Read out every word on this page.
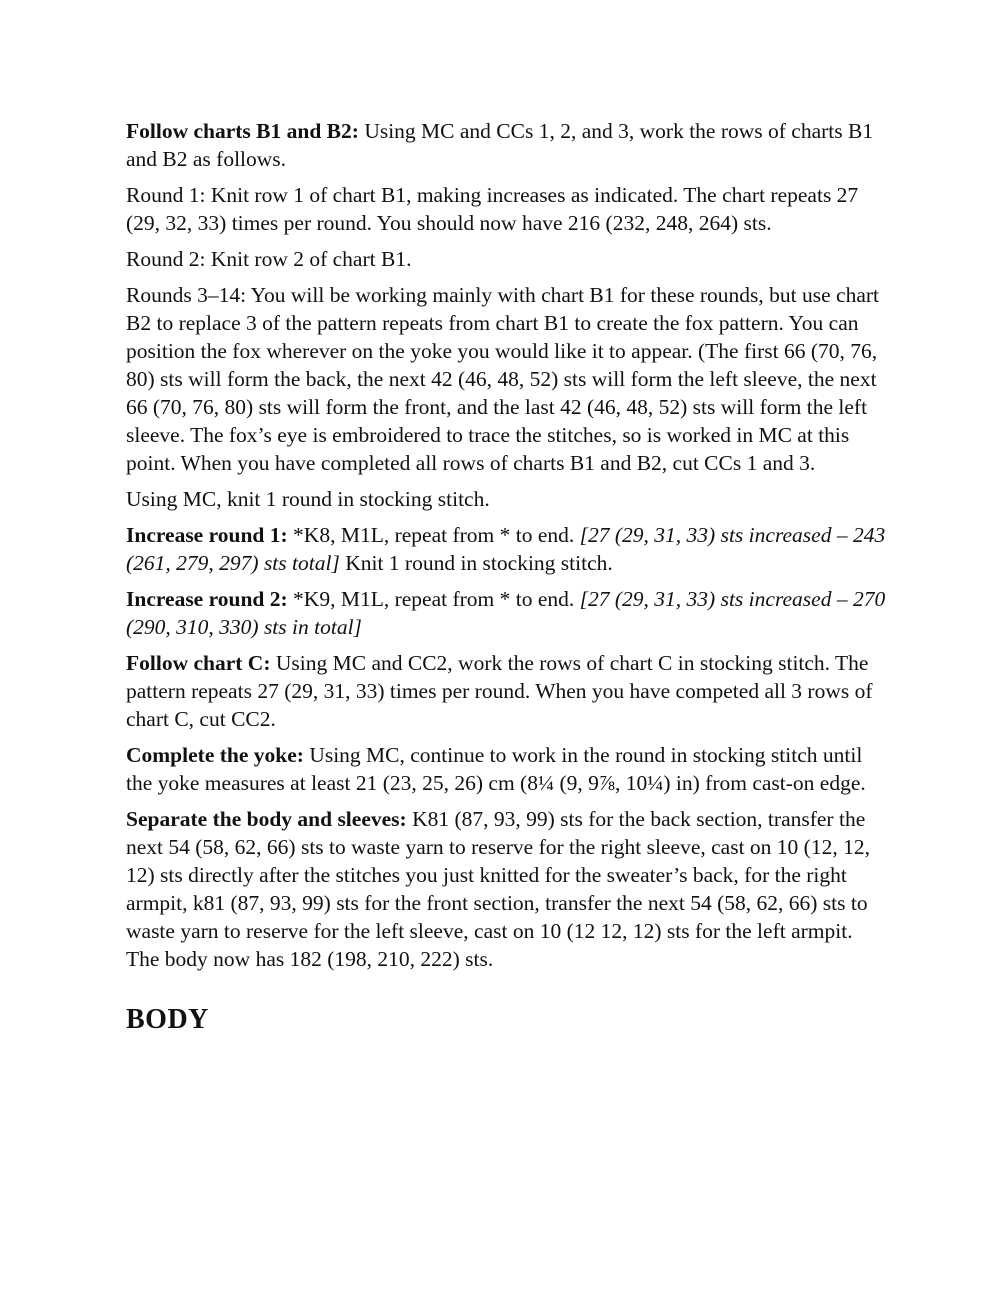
Follow charts B1 and B2: Using MC and CCs 1, 2, and 3, work the rows of charts B1 and B2 as follows.

Round 1: Knit row 1 of chart B1, making increases as indicated. The chart repeats 27 (29, 32, 33) times per round. You should now have 216 (232, 248, 264) sts.

Round 2: Knit row 2 of chart B1.

Rounds 3–14: You will be working mainly with chart B1 for these rounds, but use chart B2 to replace 3 of the pattern repeats from chart B1 to create the fox pattern. You can position the fox wherever on the yoke you would like it to appear. (The first 66 (70, 76, 80) sts will form the back, the next 42 (46, 48, 52) sts will form the left sleeve, the next 66 (70, 76, 80) sts will form the front, and the last 42 (46, 48, 52) sts will form the left sleeve. The fox’s eye is embroidered to trace the stitches, so is worked in MC at this point. When you have completed all rows of charts B1 and B2, cut CCs 1 and 3.

Using MC, knit 1 round in stocking stitch.

Increase round 1: *K8, M1L, repeat from * to end. [27 (29, 31, 33) sts increased – 243 (261, 279, 297) sts total] Knit 1 round in stocking stitch.

Increase round 2: *K9, M1L, repeat from * to end. [27 (29, 31, 33) sts increased – 270 (290, 310, 330) sts in total]

Follow chart C: Using MC and CC2, work the rows of chart C in stocking stitch. The pattern repeats 27 (29, 31, 33) times per round. When you have competed all 3 rows of chart C, cut CC2.

Complete the yoke: Using MC, continue to work in the round in stocking stitch until the yoke measures at least 21 (23, 25, 26) cm (8¼ (9, 9⅞, 10¼) in) from cast-on edge.

Separate the body and sleeves: K81 (87, 93, 99) sts for the back section, transfer the next 54 (58, 62, 66) sts to waste yarn to reserve for the right sleeve, cast on 10 (12, 12, 12) sts directly after the stitches you just knitted for the sweater’s back, for the right armpit, k81 (87, 93, 99) sts for the front section, transfer the next 54 (58, 62, 66) sts to waste yarn to reserve for the left sleeve, cast on 10 (12 12, 12) sts for the left armpit. The body now has 182 (198, 210, 222) sts.

BODY
